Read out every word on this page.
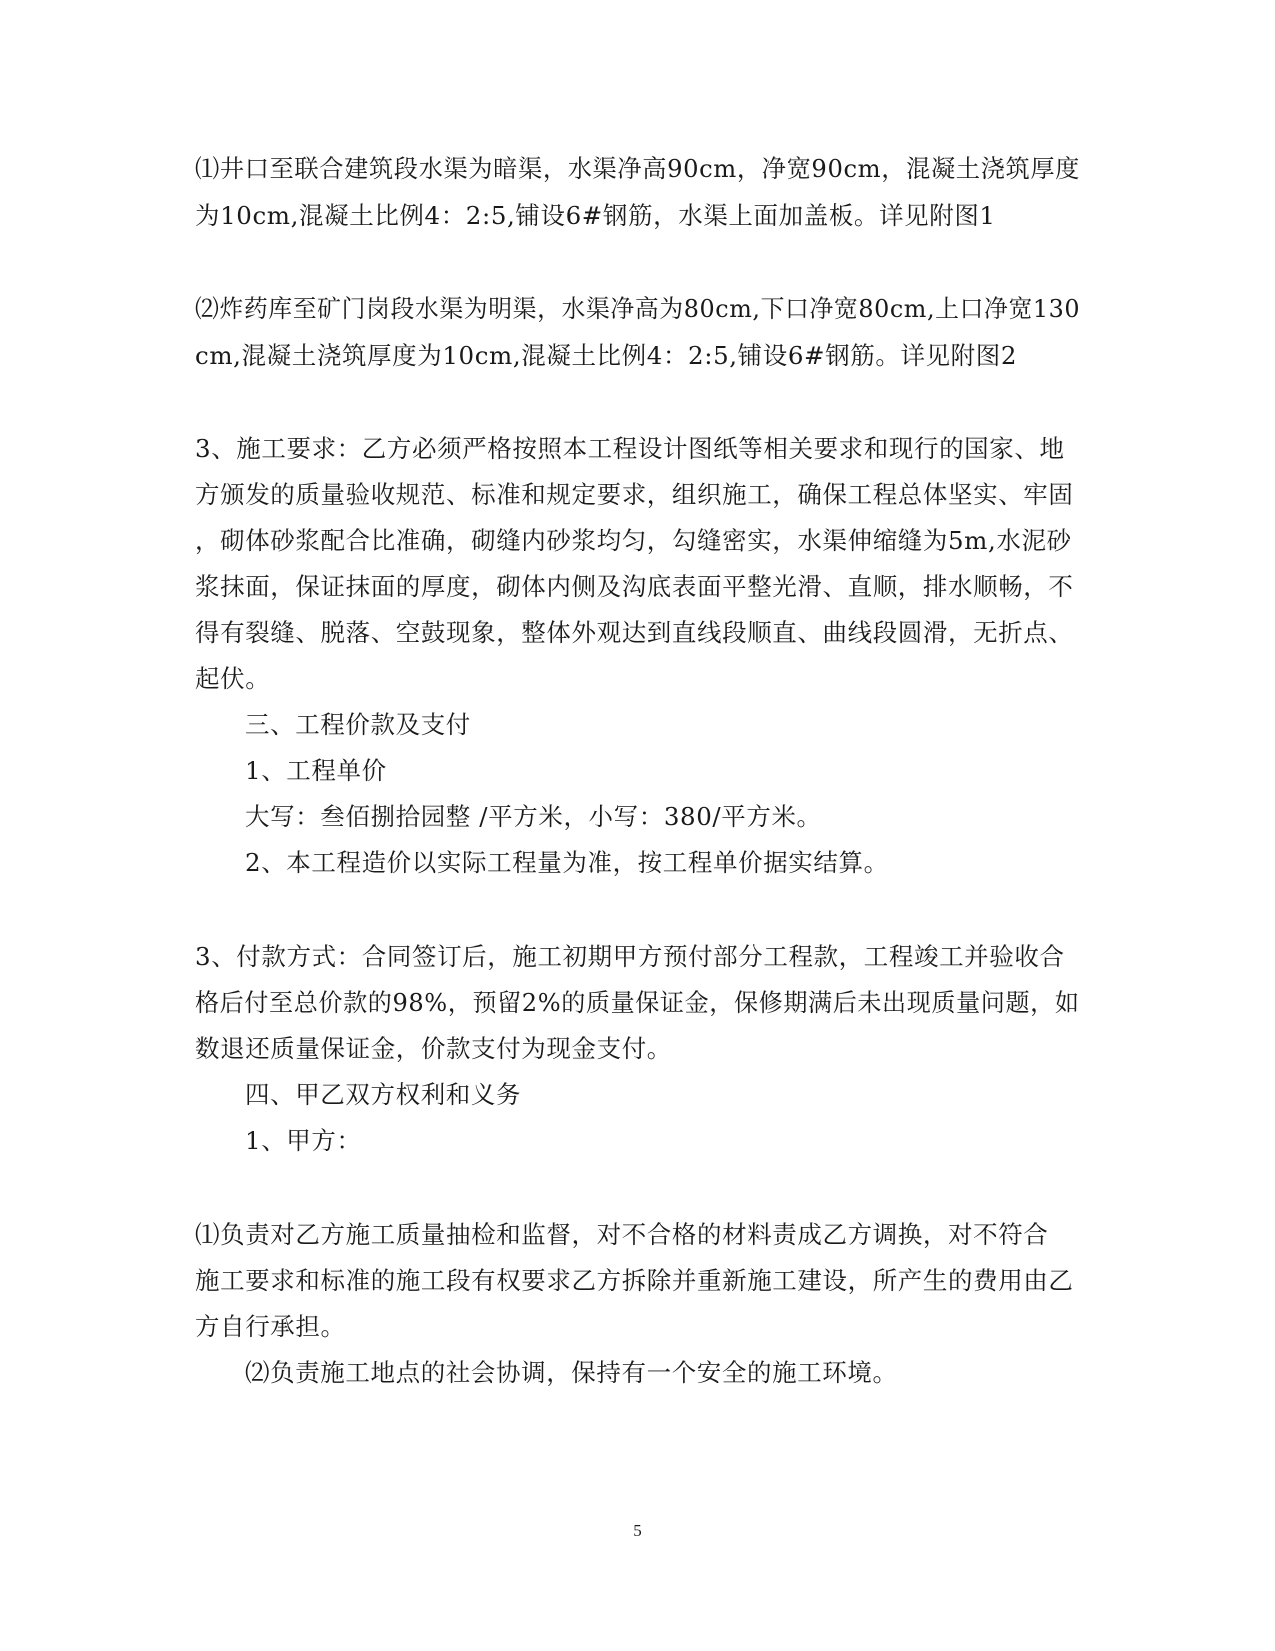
⑴井口至联合建筑段水渠为暗渠，水渠净高90cm，净宽90cm，混凝土浇筑厚度
为10cm,混凝土比例4：2:5,铺设6#钢筋，水渠上面加盖板。详见附图1
⑵炸药库至矿门岗段水渠为明渠，水渠净高为80cm,下口净宽80cm,上口净宽130
cm,混凝土浇筑厚度为10cm,混凝土比例4：2:5,铺设6#钢筋。详见附图2
3、施工要求：乙方必须严格按照本工程设计图纸等相关要求和现行的国家、地
方颁发的质量验收规范、标准和规定要求，组织施工，确保工程总体坚实、牢固
，砌体砂浆配合比准确，砌缝内砂浆均匀，勾缝密实，水渠伸缩缝为5m,水泥砂
浆抹面，保证抹面的厚度，砌体内侧及沟底表面平整光滑、直顺，排水顺畅，不
得有裂缝、脱落、空鼓现象，整体外观达到直线段顺直、曲线段圆滑，无折点、
起伏。
三、工程价款及支付
1、工程单价
大写：叁佰捌拾园整 /平方米，小写：380/平方米。
2、本工程造价以实际工程量为准，按工程单价据实结算。
3、付款方式：合同签订后，施工初期甲方预付部分工程款，工程竣工并验收合
格后付至总价款的98%，预留2%的质量保证金，保修期满后未出现质量问题，如
数退还质量保证金，价款支付为现金支付。
四、甲乙双方权利和义务
1、甲方：
⑴负责对乙方施工质量抽检和监督，对不合格的材料责成乙方调换，对不符合
施工要求和标准的施工段有权要求乙方拆除并重新施工建设，所产生的费用由乙
方自行承担。
⑵负责施工地点的社会协调，保持有一个安全的施工环境。
5
